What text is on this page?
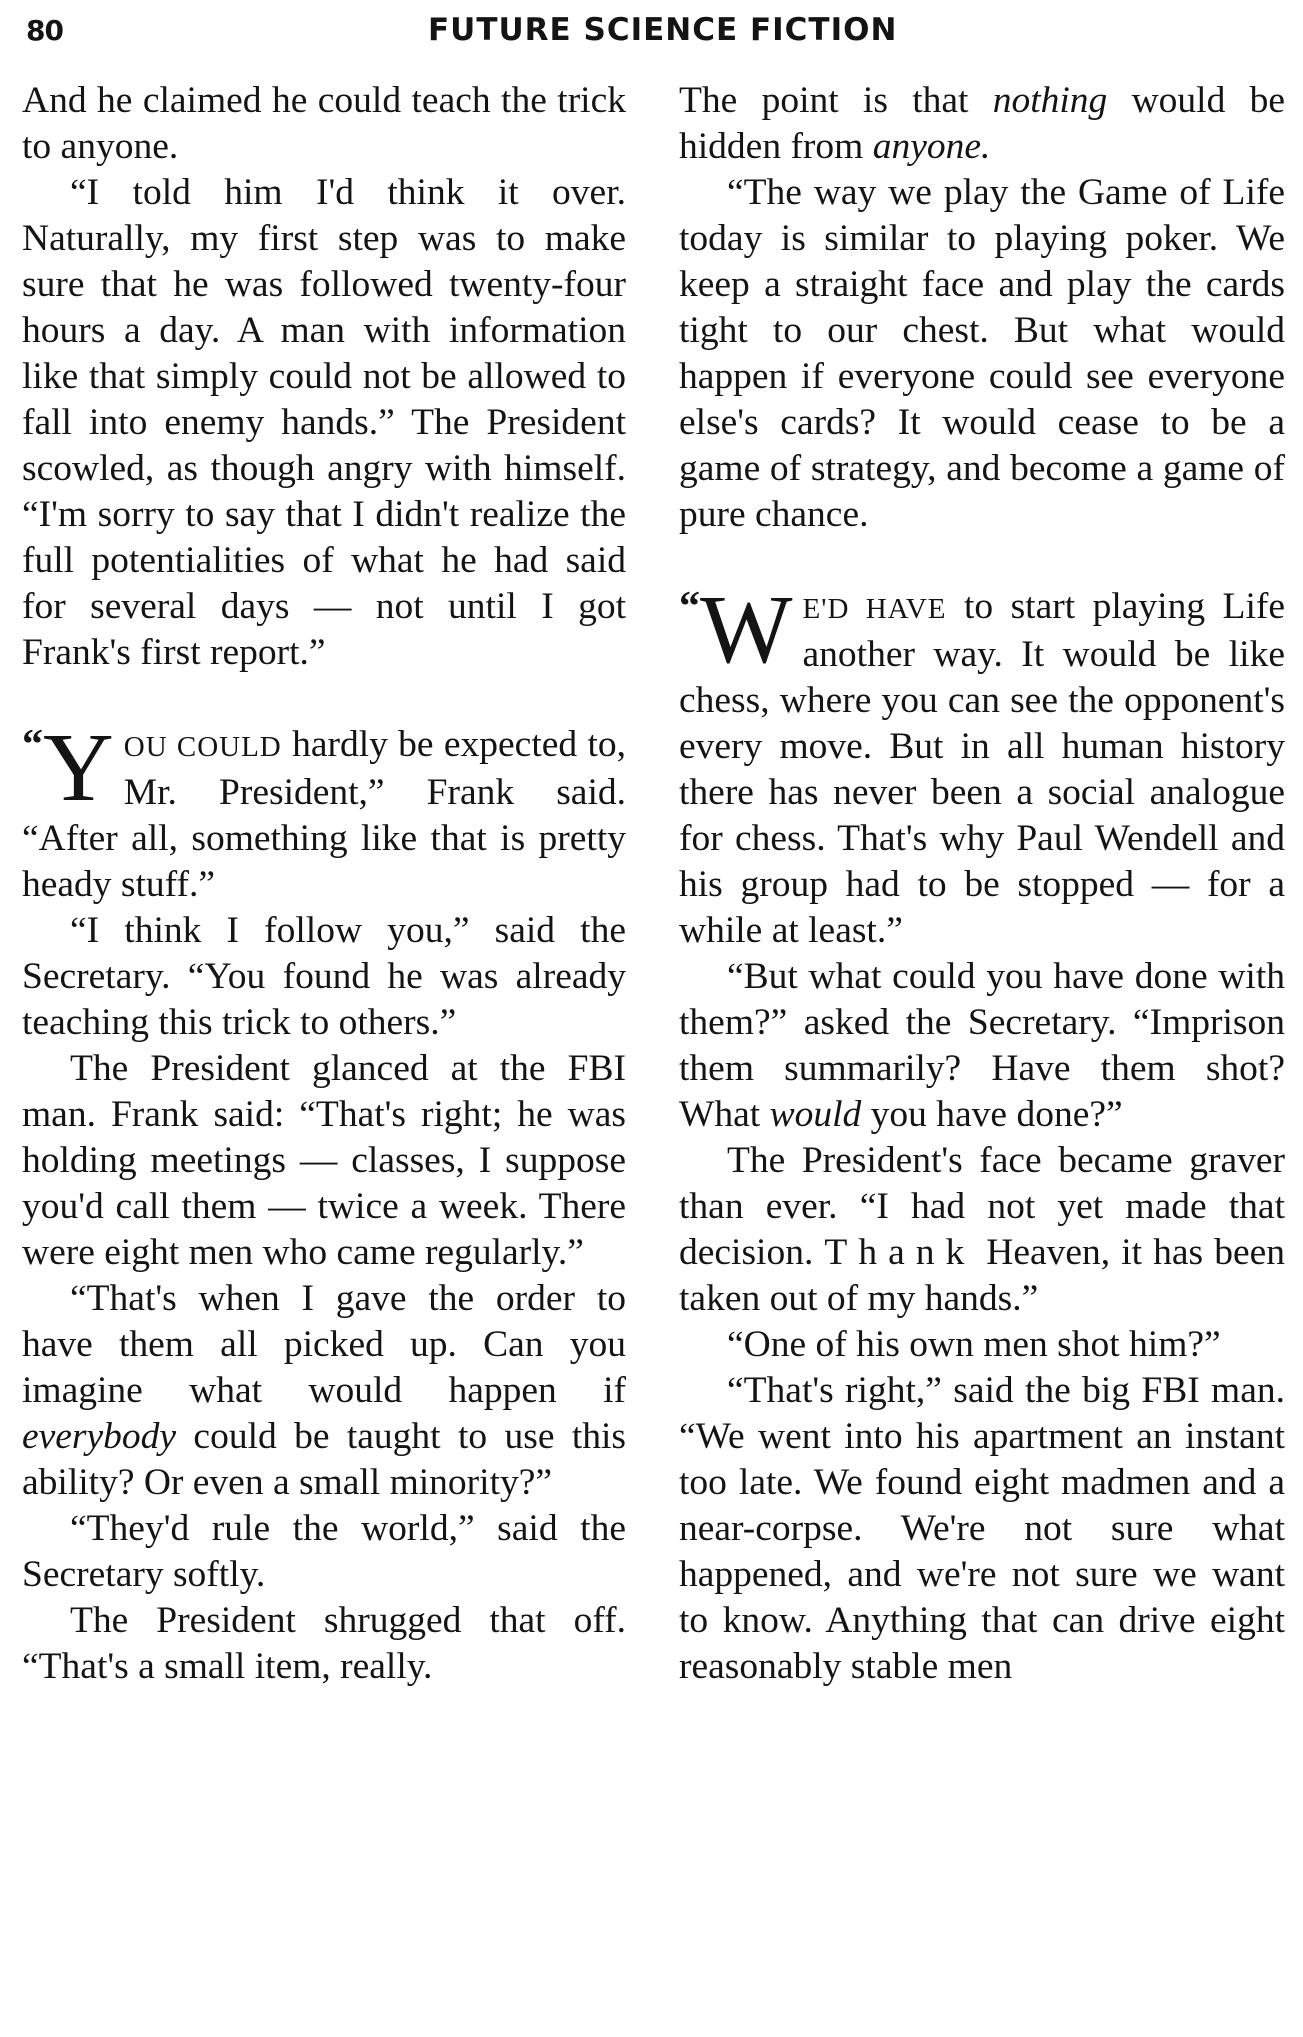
80	FUTURE SCIENCE FICTION

And he claimed he could teach the trick to anyone.

“I told him I'd think it over. Naturally, my first step was to make sure that he was followed twenty-four hours a day. A man with information like that simply could not be allowed to fall into enemy hands.” The President scowled, as though angry with himself. “I'm sorry to say that I didn't realize the full potentialities of what he had said for several days — not until I got Frank's first report.”

“ Y OU COULD hardly be expected to, Mr. President,” Frank said. “After all, something like that is pretty heady stuff.”

“I think I follow you,” said the Secretary. “You found he was already teaching this trick to others.”

The President glanced at the FBI man. Frank said: “That's right; he was holding meetings — classes, I suppose you'd call them — twice a week. There were eight men who came regularly.”

“That's when I gave the order to have them all picked up. Can you imagine what would happen if everybody could be taught to use this ability? Or even a small minority?”

“They'd rule the world,” said the Secretary softly.

The President shrugged that off. “That's a small item, really.

The point is that nothing would be hidden from anyone.

“The way we play the Game of Life today is similar to playing poker. We keep a straight face and play the cards tight to our chest. But what would happen if everyone could see everyone else's cards? It would cease to be a game of strategy, and become a game of pure chance.

“ W E'D HAVE to start playing Life another way. It would be like chess, where you can see the opponent's every move. But in all human history there has never been a social analogue for chess. That's why Paul Wendell and his group had to be stopped — for a while at least.”

“But what could you have done with them?” asked the Secretary. “Imprison them summarily? Have them shot? What would you have done?”

The President's face became graver than ever. “I had not yet made that decision. Thank Heaven, it has been taken out of my hands.”

“One of his own men shot him?”

“That's right,” said the big FBI man. “We went into his apartment an instant too late. We found eight madmen and a near-corpse. We're not sure what happened, and we're not sure we want to know. Anything that can drive eight reasonably stable men
